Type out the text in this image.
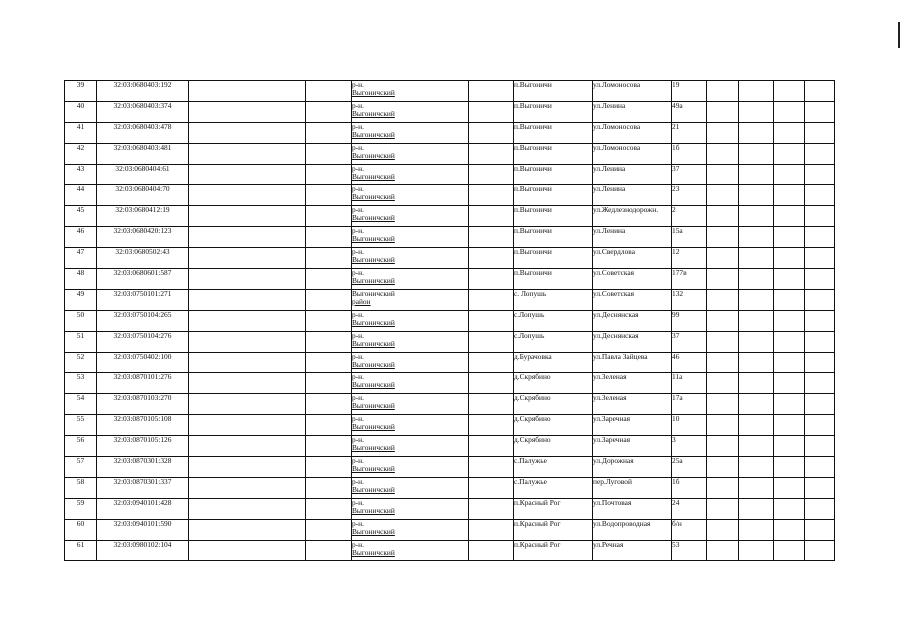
39	32:03:0680403:192			р-н.
Выгоничский		п.Выгоничи	ул.Ломоносова	19				
40	32:03:0680403:374			р-н.
Выгоничский		п.Выгоничи	ул.Ленина	49а				
41	32:03:0680403:478			р-н.
Выгоничский		п.Выгоничи	ул.Ломоносова	21				
42	32:03:0680403:481			р-н.
Выгоничский		п.Выгоничи	ул.Ломоносова	1б				
43	32:03:0680404:61			р-н.
Выгоничский		п.Выгоничи	ул.Ленина	37				
44	32:03:0680404:70			р-н.
Выгоничский		п.Выгоничи	ул.Ленина	23				
45	32:03:0680412:19			р-н.
Выгоничский		п.Выгоничи	ул.Жедлезнодорожн.	2				
46	32:03:0680420:123			р-н.
Выгоничский		п.Выгоничи	ул.Ленина	15а				
47	32:03:0680502:43			р-н.
Выгоничский		п.Выгоничи	ул.Свердлова	12				
48	32:03:0680601:587			р-н.
Выгоничский		п.Выгоничи	ул.Советская	177в				
49	32:03:0750101:271			Выгоничский
район		с. Лопушь	ул.Советская	132				
50	32:03:0750104:265			р-н.
Выгоничский		с.Лопушь	ул.Деснянская	99				
51	32:03:0750104:276			р-н.
Выгоничский		с.Лопушь	ул.Деснянская	37				
52	32:03:0750402:100			р-н.
Выгоничский		д.Бурачовка	ул.Павла Зайцева	46				
53	32:03:0870101:276			р-н.
Выгоничский		д.Скрябино	ул.Зеленая	11а				
54	32:03:0870103:270			р-н.
Выгоничский		д.Скрябино	ул.Зеленая	17а				
55	32:03:0870105:108			р-н.
Выгоничский		д.Скрябино	ул.Заречная	10				
56	32:03:0870105:126			р-н.
Выгоничский		д.Скрябино	ул.Заречная	3				
57	32:03:0870301:328			р-н.
Выгоничский		с.Палужье	ул.Дорожная	25а				
58	32:03:0870301:337			р-н.
Выгоничский		с.Палужье	пер.Луговой	1б				
59	32:03:0940101:428			р-н.
Выгоничский		п.Красный Рог	ул.Почтовая	24				
60	32:03:0940101:590			р-н.
Выгоничский		п.Красный Рог	ул.Водопроводная	б/н				
61	32:03:0980102:104			р-н.
Выгоничский		п.Красный Рог	ул.Речная	53				
